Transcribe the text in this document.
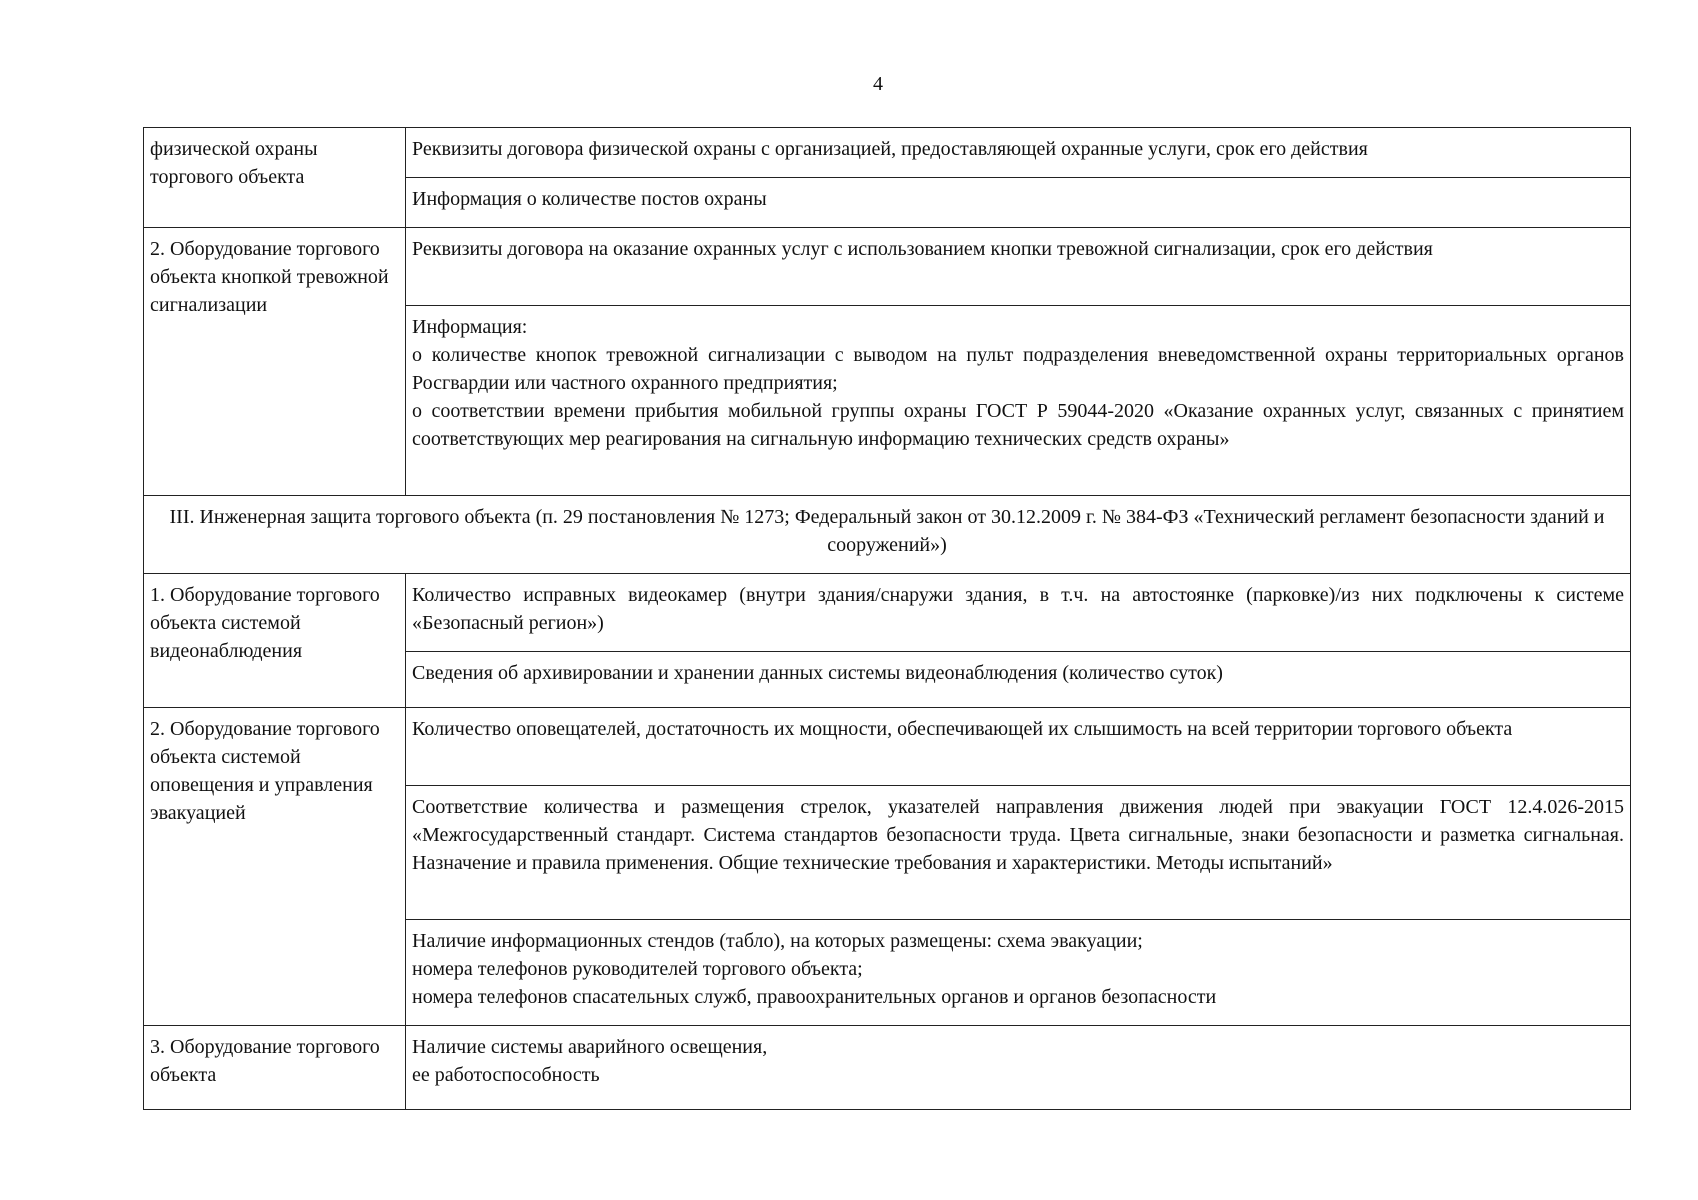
4
физической охраны торгового объекта	Реквизиты договора физической охраны с организацией, предоставляющей охранные услуги, срок его действия
	Информация о количестве постов охраны
2. Оборудование торгового объекта кнопкой тревожной сигнализации	Реквизиты договора на оказание охранных услуг с использованием кнопки тревожной сигнализации, срок его действия

	Информация:
о количестве кнопок тревожной сигнализации с выводом на пульт подразделения вневедомственной охраны территориальных органов Росгвардии или частного охранного предприятия;
о соответствии времени прибытия мобильной группы охраны ГОСТ Р 59044-2020 «Оказание охранных услуг, связанных с принятием соответствующих мер реагирования на сигнальную информацию технических средств охраны»

III. Инженерная защита торгового объекта (п. 29 постановления № 1273; Федеральный закон от 30.12.2009 г. № 384-ФЗ «Технический регламент безопасности зданий и сооружений»)	
1. Оборудование торгового объекта системой видеонаблюдения	Количество исправных видеокамер (внутри здания/снаружи здания, в т.ч. на автостоянке (парковке)/из них подключены к системе «Безопасный регион»)
	Сведения об архивировании и хранении данных системы видеонаблюдения (количество суток)
2. Оборудование торгового объекта системой оповещения и управления эвакуацией	Количество оповещателей, достаточность их мощности, обеспечивающей их слышимость на всей территории торгового объекта
	Соответствие количества и размещения стрелок, указателей направления движения людей при эвакуации ГОСТ 12.4.026-2015 «Межгосударственный стандарт. Система стандартов безопасности труда. Цвета сигнальные, знаки безопасности и разметка сигнальная. Назначение и правила применения. Общие технические требования и характеристики. Методы испытаний»

	Наличие информационных стендов (табло), на которых размещены: схема эвакуации;
номера телефонов руководителей торгового объекта;
номера телефонов спасательных служб, правоохранительных органов и органов безопасности

3. Оборудование торгового объекта	Наличие системы аварийного освещения,
ее работоспособность
